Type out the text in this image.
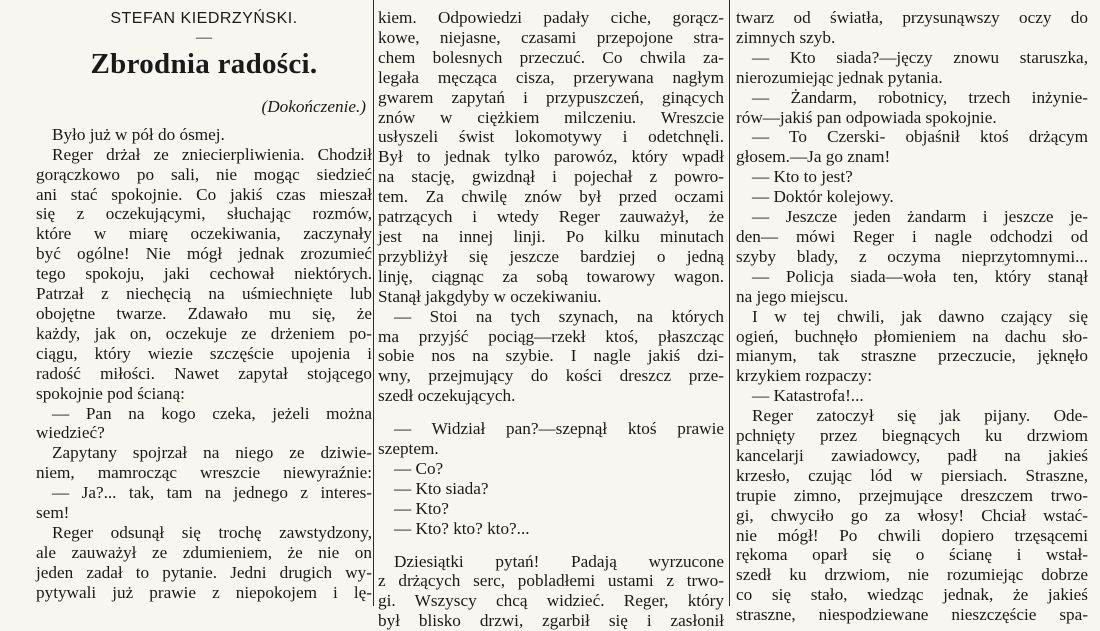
STEFAN KIEDRZYŃSKI.
—
Zbrodnia radości.
(Dokończenie.)
Było już w pół do ósmej.
Reger drżał ze zniecierpliwienia. Chodził
gorączkowo po sali, nie mogąc siedzieć
ani stać spokojnie. Co jakiś czas mieszał
się z oczekującymi, słuchając rozmów,
które w miarę oczekiwania, zaczynały
być ogólne! Nie mógł jednak zrozumieć
tego spokoju, jaki cechował niektórych.
Patrzał z niechęcią na uśmiechnięte lub
obojętne twarze. Zdawało mu się, że
każdy, jak on, oczekuje ze drżeniem po-
ciągu, który wiezie szczęście upojenia i
radość miłości. Nawet zapytał stojącego
spokojnie pod ścianą:
— Pan na kogo czeka, jeżeli można
wiedzieć?
Zapytany spojrzał na niego ze dziwie-
niem, mamrocząc wreszcie niewyraźnie:
— Ja?... tak, tam na jednego z interes-
sem!
Reger odsunął się trochę zawstydzony,
ale zauważył ze zdumieniem, że nie on
jeden zadał to pytanie. Jedni drugich wy-
pytywali już prawie z niepokojem i lę-
kiem. Odpowiedzi padały ciche, gorącz-
kowe, niejasne, czasami przepojone stra-
chem bolesnych przeczuć. Co chwila za-
legała męcząca cisza, przerywana nagłym
gwarem zapytań i przypuszczeń, ginących
znów w ciężkiem milczeniu. Wreszcie
usłyszeli świst lokomotywy i odetchnęli.
Był to jednak tylko parowóz, który wpadł
na stację, gwizdnął i pojechał z powro-
tem. Za chwilę znów był przed oczami
patrzących i wtedy Reger zauważył, że
jest na innej linji. Po kilku minutach
przybliżył się jeszcze bardziej o jedną
linję, ciągnąc za sobą towarowy wagon.
Stanął jakgdyby w oczekiwaniu.
— Stoi na tych szynach, na których
ma przyjść pociąg—rzekł ktoś, płaszcząc
sobie nos na szybie. I nagle jakiś dzi-
wny, przejmujący do kości dreszcz prze-
szedł oczekujących.
— Widział pan?—szepnął ktoś prawie
szeptem.
— Co?
— Kto siada?
— Kto?
— Kto? kto? kto?...
Dziesiątki pytań! Padają wyrzucone
z drżących serc, pobladłemi ustami z trwo-
gi. Wszyscy chcą widzieć. Reger, który
był blisko drzwi, zgarbił się i zasłonił
twarz od światła, przysunąwszy oczy do
zimnych szyb.
— Kto siada?—jęczy znowu staruszka,
nierozumiejąc jednak pytania.
— Żandarm, robotnicy, trzech inżynie-
rów—jakiś pan odpowiada spokojnie.
— To Czerski- objaśnił ktoś drżącym
głosem.—Ja go znam!
— Kto to jest?
— Doktór kolejowy.
— Jeszcze jeden żandarm i jeszcze je-
den— mówi Reger i nagle odchodzi od
szyby blady, z oczyma nieprzytomnymi...
— Policja siada—woła ten, który stanął
na jego miejscu.
I w tej chwili, jak dawno czający się
ogień, buchnęło płomieniem na dachu sło-
mianym, tak straszne przeczucie, jęknęło
krzykiem rozpaczy:
— Katastrofa!...
Reger zatoczył się jak pijany. Ode-
pchnięty przez biegnących ku drzwiom
kancelarji zawiadowcy, padł na jakieś
krzesło, czując lód w piersiach. Straszne,
trupie zimno, przejmujące dreszczem trwo-
gi, chwyciło go za włosy! Chciał wstać-
nie mógł! Po chwili dopiero trzęsącemi
rękoma oparł się o ścianę i wstał-
szedł ku drzwiom, nie rozumiejąc dobrze
co się stało, wiedząc jednak, że jakieś
straszne, niespodziewane nieszczęście spa-
